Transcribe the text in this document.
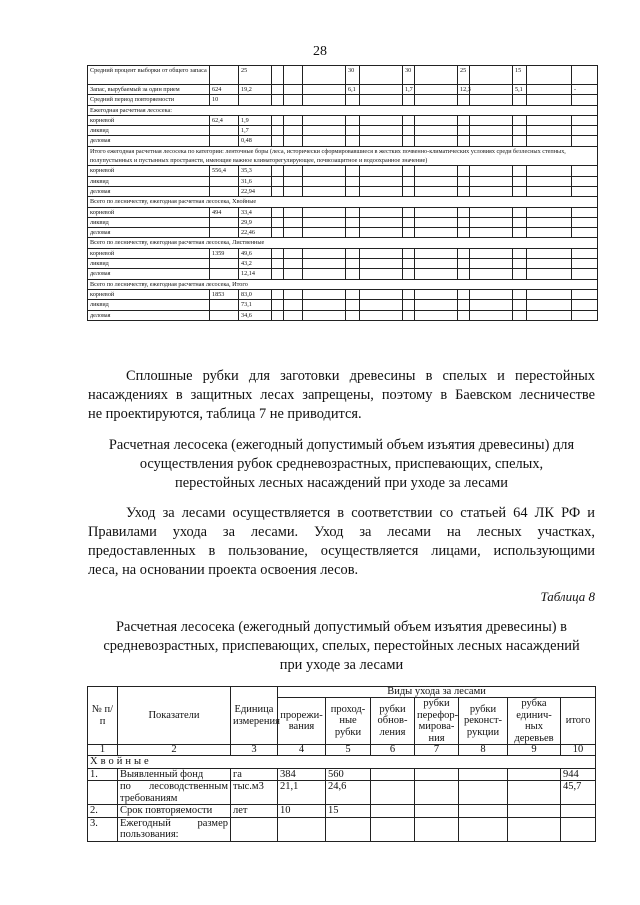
28
Средний процент выборки от общего запаса		25				30		30		25		15		
Запас, вырубаемый за один прием	624	19,2				6,1		1,7		12,3		5,1		-
Средний период повторяемости	10													
Ежегодная расчетная лесосека:														
корневой	62,4	1,9												
ликвид		1,7												
деловая		0,48												
Итого ежегодная расчетная лесосека по категории: ленточные боры (леса, исторически сформировавшиеся в жестких почвенно-климатических условиях среди безлесных степных, полупустынных и пустынных пространств, имеющие важное климаторегулирующее, почвозащитное и водоохранное значение)														
корневой	556,4	35,3												
ликвид		31,6												
деловая		22,94												
Всего по лесничеству, ежегодная расчетная лесосека, Хвойные														
корневой	494	33,4												
ликвид		29,9												
деловая		22,46												
Всего по лесничеству, ежегодная расчетная лесосека, Лиственные														
корневой	1359	49,6												
ликвид		43,2												
деловая		12,14												
Всего по лесничеству, ежегодная расчетная лесосека, Итого														
корневой	1853	83,0												
ликвид		73,1												
деловая		34,6												
Сплошные рубки для заготовки древесины в спелых и перестойных
насаждениях в защитных лесах запрещены, поэтому в Баевском лесничестве
не проектируются, таблица 7 не приводится.
Расчетная лесосека (ежегодный допустимый объем изъятия древесины) для
осуществления рубок средневозрастных, приспевающих, спелых,
перестойных лесных насаждений при уходе за лесами
Уход за лесами осуществляется в соответствии со статьей 64 ЛК РФ и
Правилами ухода за лесами. Уход за лесами на лесных участках,
предоставленных в пользование, осуществляется лицами, использующими
леса, на основании проекта освоения лесов.
Таблица 8
Расчетная лесосека (ежегодный допустимый объем изъятия древесины) в
средневозрастных, приспевающих, спелых, перестойных лесных насаждений
при уходе за лесами
№ п/п	Показатели	Единица измерения	Виды ухода за лесами						
			прорежи-вания	проход-ные рубки	рубки обнов-ления	рубки перефор-мирова-ния	рубки реконст-рукции	рубка единич-ных деревьев	итого
1	2	3	4	5	6	7	8	9	10
Хвойные									
1.	Выявленный фонд	га	384	560					944
	по лесоводственным требованиям	тыс.м3	21,1	24,6					45,7
2.	Срок повторяемости	лет	10	15					
3.	Ежегодный размер пользования:								
